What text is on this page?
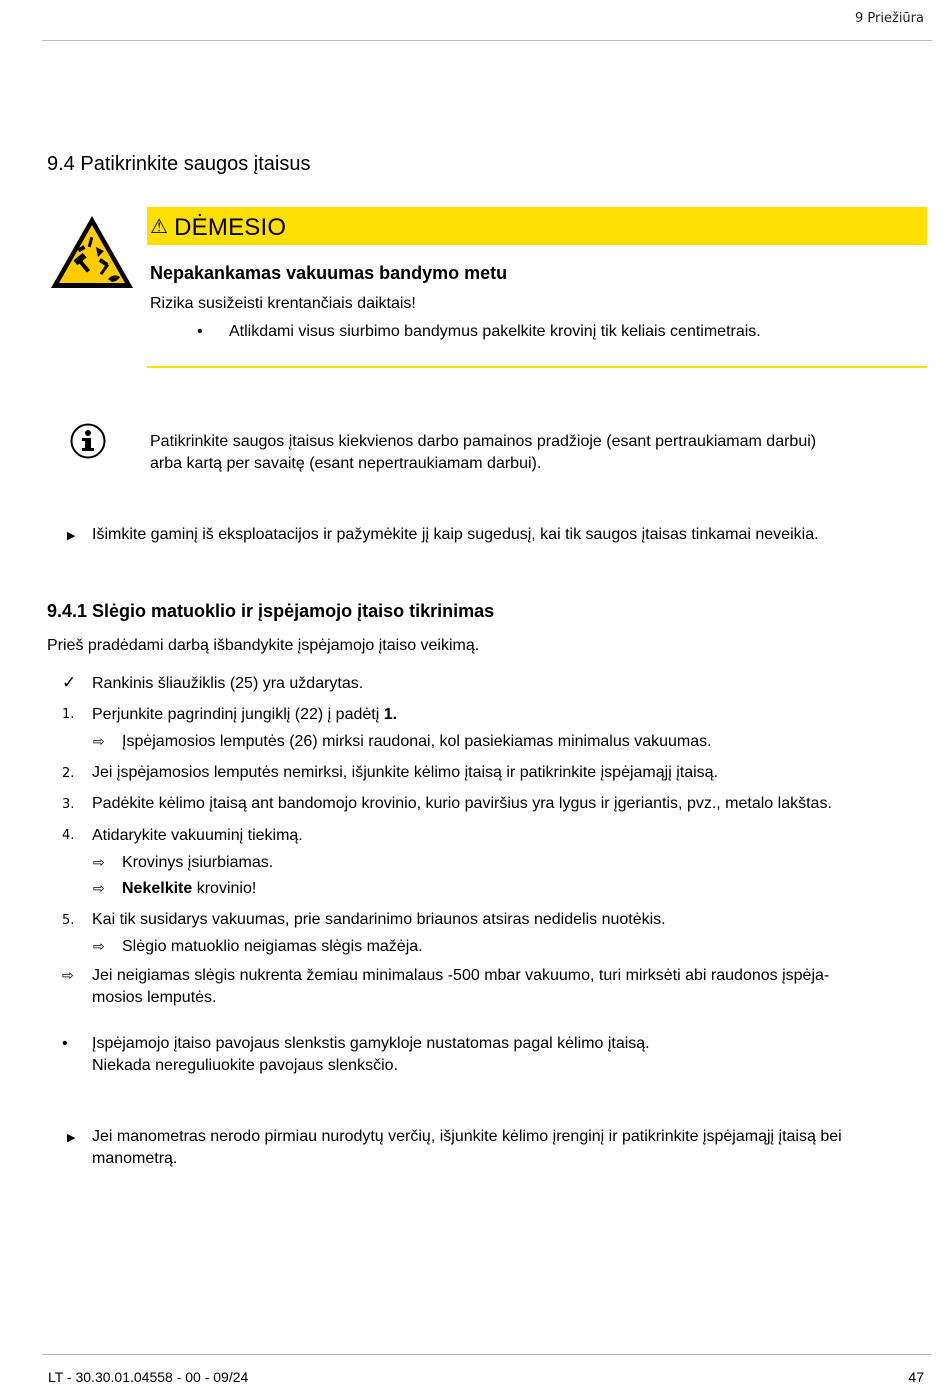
9 Priežiūra
9.4 Patikrinkite saugos įtaisus
⚠ DĖMESIO
Nepakankamas vakuumas bandymo metu
Rizika susižeisti krentančiais daiktais!
• Atlikdami visus siurbimo bandymus pakelkite krovinį tik keliais centimetrais.
Patikrinkite saugos įtaisus kiekvienos darbo pamainos pradžioje (esant pertraukiamam darbui)
arba kartą per savaitę (esant nepertraukiamam darbui).
▶ Išimkite gaminį iš eksploatacijos ir pažymėkite jį kaip sugedusį, kai tik saugos įtaisas tinkamai neveikia.
9.4.1 Slėgio matuoklio ir įspėjamojo įtaiso tikrinimas
Prieš pradėdami darbą išbandykite įspėjamojo įtaiso veikimą.
✓ Rankinis šliaužiklis (25) yra uždarytas.
1. Perjunkite pagrindinį jungiklį (22) į padėtį 1.
⇨ Įspėjamosios lemputės (26) mirksi raudonai, kol pasiekiamas minimalus vakuumas.
2. Jei įspėjamosios lemputės nemirksi, išjunkite kėlimo įtaisą ir patikrinkite įspėjamąjį įtaisą.
3. Padėkite kėlimo įtaisą ant bandomojo krovinio, kurio paviršius yra lygus ir įgeriantis, pvz., metalo lakštas.
4. Atidarykite vakuuminį tiekimą.
⇨ Krovinys įsiurbiamas.
⇨ Nekelkite krovinio!
5. Kai tik susidarys vakuumas, prie sandarinimo briaunos atsiras nedidelis nuotėkis.
⇨ Slėgio matuoklio neigiamas slėgis mažėja.
⇨ Jei neigiamas slėgis nukrenta žemiau minimalaus -500 mbar vakuumo, turi mirksėti abi raudonos įspėja-
mosios lemputės.
• Įspėjamojo įtaiso pavojaus slenkstis gamykloje nustatomas pagal kėlimo įtaisą.
Niekada nereguliuokite pavojaus slenksčio.
▶ Jei manometras nerodo pirmiau nurodytų verčių, išjunkite kėlimo įrenginį ir patikrinkite įspėjamąjį įtaisą bei
manometrą.
LT - 30.30.01.04558 - 00 - 09/24	47
